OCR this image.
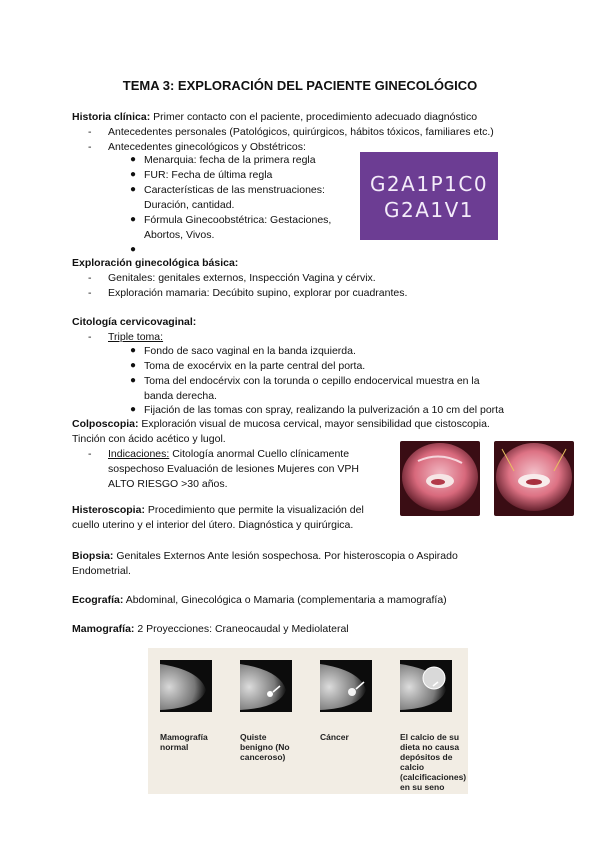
TEMA 3: EXPLORACIÓN DEL PACIENTE GINECOLÓGICO
Historia clínica: Primer contacto con el paciente, procedimiento adecuado diagnóstico
- Antecedentes personales (Patológicos, quirúrgicos, hábitos tóxicos, familiares etc.)
- Antecedentes ginecológicos y Obstétricos:
● Menarquia: fecha de la primera regla
● FUR: Fecha de última regla
● Características de las menstruaciones:
Duración, cantidad.
● Fórmula Ginecoobstétrica: Gestaciones,
Abortos, Vivos.
●
G2A1P1C0
G2A1V1
Exploración ginecológica básica:
- Genitales: genitales externos, Inspección Vagina y cérvix.
- Exploración mamaria: Decúbito supino, explorar por cuadrantes.
Citología cervicovaginal:
- Triple toma:
● Fondo de saco vaginal en la banda izquierda.
● Toma de exocérvix en la parte central del porta.
● Toma del endocérvix con la torunda o cepillo endocervical muestra en la
banda derecha.
● Fijación de las tomas con spray, realizando la pulverización a 10 cm del porta
Colposcopia: Exploración visual de mucosa cervical, mayor sensibilidad que cistoscopia.
Tinción con ácido acético y lugol.
- Indicaciones: Citología anormal Cuello clínicamente
sospechoso Evaluación de lesiones Mujeres con VPH
ALTO RIESGO >30 años.
Histeroscopia: Procedimiento que permite la visualización del
cuello uterino y el interior del útero. Diagnóstica y quirúrgica.
Biopsia: Genitales Externos Ante lesión sospechosa. Por histeroscopia o Aspirado
Endometrial.
Ecografía: Abdominal, Ginecológica o Mamaria (complementaria a mamografía)
Mamografía: 2 Proyecciones: Craneocaudal y Mediolateral
Mamografía
normal
Quiste
benigno (No
canceroso)
Cáncer	El calcio de su
dieta no causa
depósitos de
calcio
(calcificaciones)
en su seno
